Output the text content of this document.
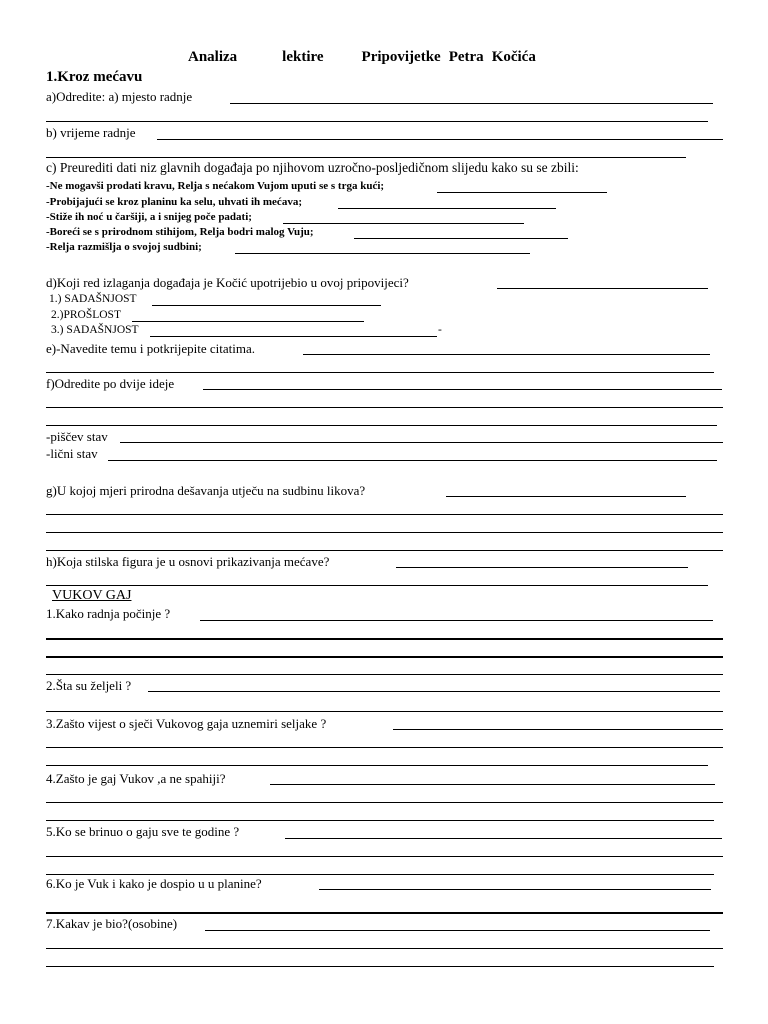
Analiza	lektire	Pripovijetke Petra Kočića
1.Kroz mećavu
a)Odredite: a) mjesto radnje
b) vrijeme radnje
c) Preurediti dati niz glavnih događaja po njihovom uzročno-posljedičnom slijedu kako su se zbili:
-Ne mogavši prodati kravu, Relja s nećakom Vujom uputi se s trga kući;
-Probijajući se kroz planinu ka selu, uhvati ih mećava;
-Stiže ih noć u čaršiji, a i snijeg poče padati;
-Boreći se s prirodnom stihijom, Relja bodri malog Vuju;
-Relja razmišlja o svojoj sudbini;
d)Koji red izlaganja događaja je Kočić upotrijebio u ovoj pripovijeci?
1.) SADAŠNJOST
2.)PROŠLOST
3.) SADAŠNJOST	-
e)-Navedite temu i potkrijepite citatima.
f)Odredite po dvije ideje
-piščev stav
-lični stav
g)U kojoj mjeri prirodna dešavanja utječu na sudbinu likova?
h)Koja stilska figura je u osnovi prikazivanja mećave?
VUKOV GAJ
1.Kako radnja počinje ?
2.Šta su željeli ?
3.Zašto vijest o sječi Vukovog gaja uznemiri seljake ?
4.Zašto je gaj Vukov ,a ne spahiji?
5.Ko se brinuo o gaju sve te godine ?
6.Ko je Vuk i kako je dospio u u planine?
7.Kakav je bio?(osobine)
